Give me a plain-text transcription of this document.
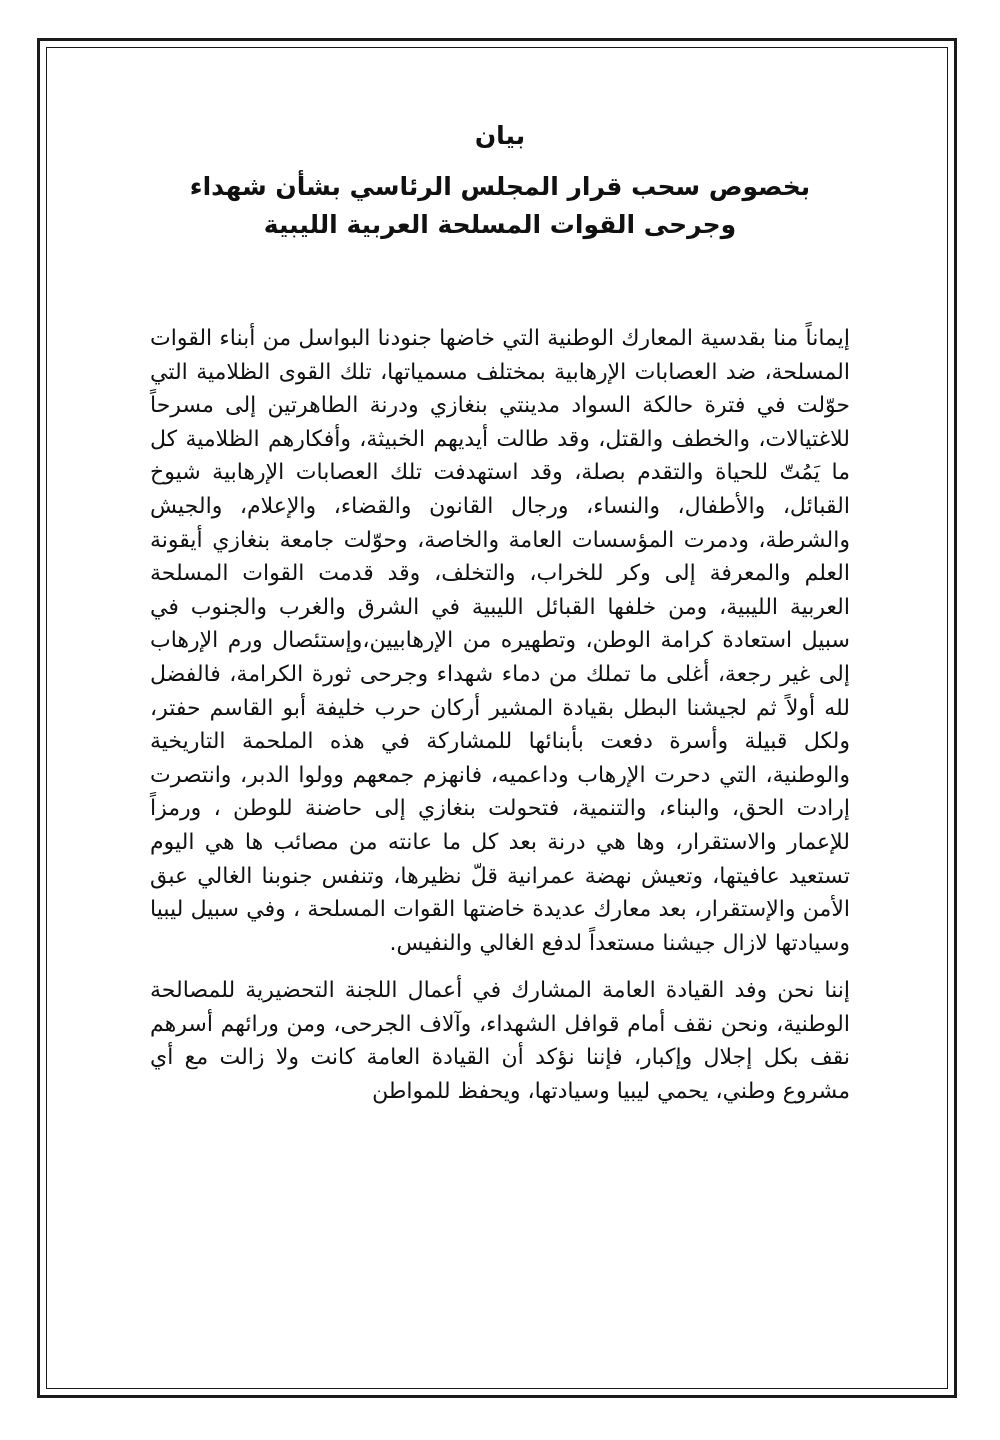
بيان
بخصوص سحب قرار المجلس الرئاسي بشأن شهداء وجرحى القوات المسلحة العربية الليبية

إيماناً منا بقدسية المعارك الوطنية التي خاضها جنودنا البواسل من أبناء القوات المسلحة، ضد العصابات الإرهابية بمختلف مسمياتها، تلك القوى الظلامية التي حوّلت في فترة حالكة السواد مدينتي بنغازي ودرنة الطاهرتين إلى مسرحاً للاغتيالات، والخطف والقتل، وقد طالت أيديهم الخبيثة، وأفكارهم الظلامية كل ما يَمُتّ للحياة والتقدم بصلة، وقد استهدفت تلك العصابات الإرهابية شيوخ القبائل، والأطفال، والنساء، ورجال القانون والقضاء، والإعلام، والجيش والشرطة، ودمرت المؤسسات العامة والخاصة، وحوّلت جامعة بنغازي أيقونة العلم والمعرفة إلى وكر للخراب، والتخلف، وقد قدمت القوات المسلحة العربية الليبية، ومن خلفها القبائل الليبية في الشرق والغرب والجنوب في سبيل استعادة كرامة الوطن، وتطهيره من الإرهابيين،وإستئصال ورم الإرهاب إلى غير رجعة، أغلى ما تملك من دماء شهداء وجرحى ثورة الكرامة، فالفضل لله أولاً ثم لجيشنا البطل بقيادة المشير أركان حرب خليفة أبو القاسم حفتر، ولكل قبيلة وأسرة دفعت بأبنائها للمشاركة في هذه الملحمة التاريخية والوطنية، التي دحرت الإرهاب وداعميه، فانهزم جمعهم وولوا الدبر، وانتصرت إرادت الحق، والبناء، والتنمية، فتحولت بنغازي إلى حاضنة للوطن ، ورمزاً للإعمار والاستقرار، وها هي درنة بعد كل ما عانته من مصائب ها هي اليوم تستعيد عافيتها، وتعيش نهضة عمرانية قلّ نظيرها، وتنفس جنوبنا الغالي عبق الأمن والإستقرار، بعد معارك عديدة خاضتها القوات المسلحة ، وفي سبيل ليبيا وسيادتها لازال جيشنا مستعداً لدفع الغالي والنفيس.

إننا نحن وفد القيادة العامة المشارك في أعمال اللجنة التحضيرية للمصالحة الوطنية، ونحن نقف أمام قوافل الشهداء، وآلاف الجرحى، ومن ورائهم أسرهم نقف بكل إجلال وإكبار، فإننا نؤكد أن القيادة العامة كانت ولا زالت مع أي مشروع وطني، يحمي ليبيا وسيادتها، ويحفظ للمواطن
